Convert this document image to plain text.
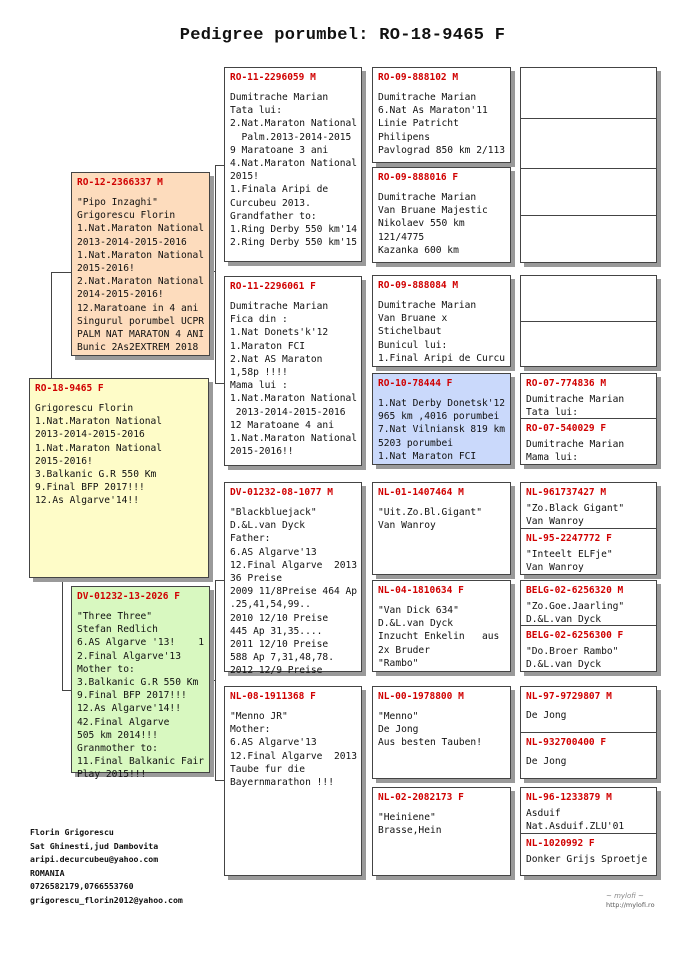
Pedigree porumbel: RO-18-9465 F
RO-18-9465 F
Grigorescu Florin
1.Nat.Maraton National
2013-2014-2015-2016
1.Nat.Maraton National
2015-2016!
3.Balkanic G.R 550 Km
9.Final BFP 2017!!!
12.As Algarve'14!!
RO-12-2366337 M
"Pipo Inzaghi"
Grigorescu Florin
1.Nat.Maraton National
2013-2014-2015-2016
1.Nat.Maraton National
2015-2016!
2.Nat.Maraton National
2014-2015-2016!
12.Maratoane in 4 ani
Singurul porumbel UCPR
PALM NAT MARATON 4 ANI
Bunic 2As2EXTREM 2018
DV-01232-13-2026 F
"Three Three"
Stefan Redlich
6.AS Algarve '13!    1
2.Final Algarve'13
Mother to:
3.Balkanic G.R 550 Km
9.Final BFP 2017!!!
12.As Algarve'14!!
42.Final Algarve
505 km 2014!!!
Granmother to:
11.Final Balkanic Fair
Play 2015!!!
RO-11-2296059 M
Dumitrache Marian
Tata lui:
2.Nat.Maraton National
Palm.2013-2014-2015
9 Maratoane 3 ani
4.Nat.Maraton National
2015!
1.Finala Aripi de
Curcubeu 2013.
Grandfather to:
1.Ring Derby 550 km'14
2.Ring Derby 550 km'15
RO-11-2296061 F
Dumitrache Marian
Fica din :
1.Nat Donets'k'12
1.Maraton FCI
2.Nat AS Maraton
1,58p !!!!
Mama lui :
1.Nat.Maraton National
2013-2014-2015-2016
12 Maratoane 4 ani
1.Nat.Maraton National
2015-2016!!
DV-01232-08-1077 M
"Blackbluejack"
D.&L.van Dyck
Father:
6.AS Algarve'13
12.Final Algarve  2013
36 Preise
2009 11/8Preise 464 Ap
.25,41,54,99..
2010 12/10 Preise
445 Ap 31,35....
2011 12/10 Preise
588 Ap 7,31,48,78.
2012 12/9 Preise
NL-08-1911368 F
"Menno JR"
Mother:
6.AS Algarve'13
12.Final Algarve  2013
Taube fur die
Bayernmarathon !!!
RO-09-888102 M
Dumitrache Marian
6.Nat As Maraton'11
Linie Patricht
Philipens
Pavlograd 850 km 2/113
RO-09-888016 F
Dumitrache Marian
Van Bruane Majestic
Nikolaev 550 km
121/4775
Kazanka 600 km
RO-09-888084 M
Dumitrache Marian
Van Bruane x
Stichelbaut
Bunicul lui:
1.Final Aripi de Curcu
RO-10-78444 F
1.Nat Derby Donetsk'12
965 km ,4016 porumbei
7.Nat Vilniansk 819 km
5203 porumbei
1.Nat Maraton FCI
NL-01-1407464 M
"Uit.Zo.Bl.Gigant"
Van Wanroy
NL-04-1810634 F
"Van Dick 634"
D.&L.van Dyck
Inzucht Enkelin   aus
2x Bruder
"Rambo"
NL-00-1978800 M
"Menno"
De Jong
Aus besten Tauben!
NL-02-2082173 F
"Heiniene"
Brasse,Hein
RO-07-774836 M
Dumitrache Marian
Tata lui:
RO-07-540029 F
Dumitrache Marian
Mama lui:
NL-961737427 M
"Zo.Black Gigant"
Van Wanroy
NL-95-2247772 F
"Inteelt ELFje"
Van Wanroy
BELG-02-6256320 M
"Zo.Goe.Jaarling"
D.&L.van Dyck
BELG-02-6256300 F
"Do.Broer Rambo"
D.&L.van Dyck
NL-97-9729807 M
De Jong
NL-932700400 F
De Jong
NL-96-1233879 M
Asduif
Nat.Asduif.ZLU'01
NL-1020992 F
Donker Grijs Sproetje
Florin Grigorescu
Sat Ghinesti,jud Dambovita
aripi.decurcubeu@yahoo.com
ROMANIA
0726582179,0766553760
grigorescu_florin2012@yahoo.com	~ mylofi ~
http://mylofi.ro
